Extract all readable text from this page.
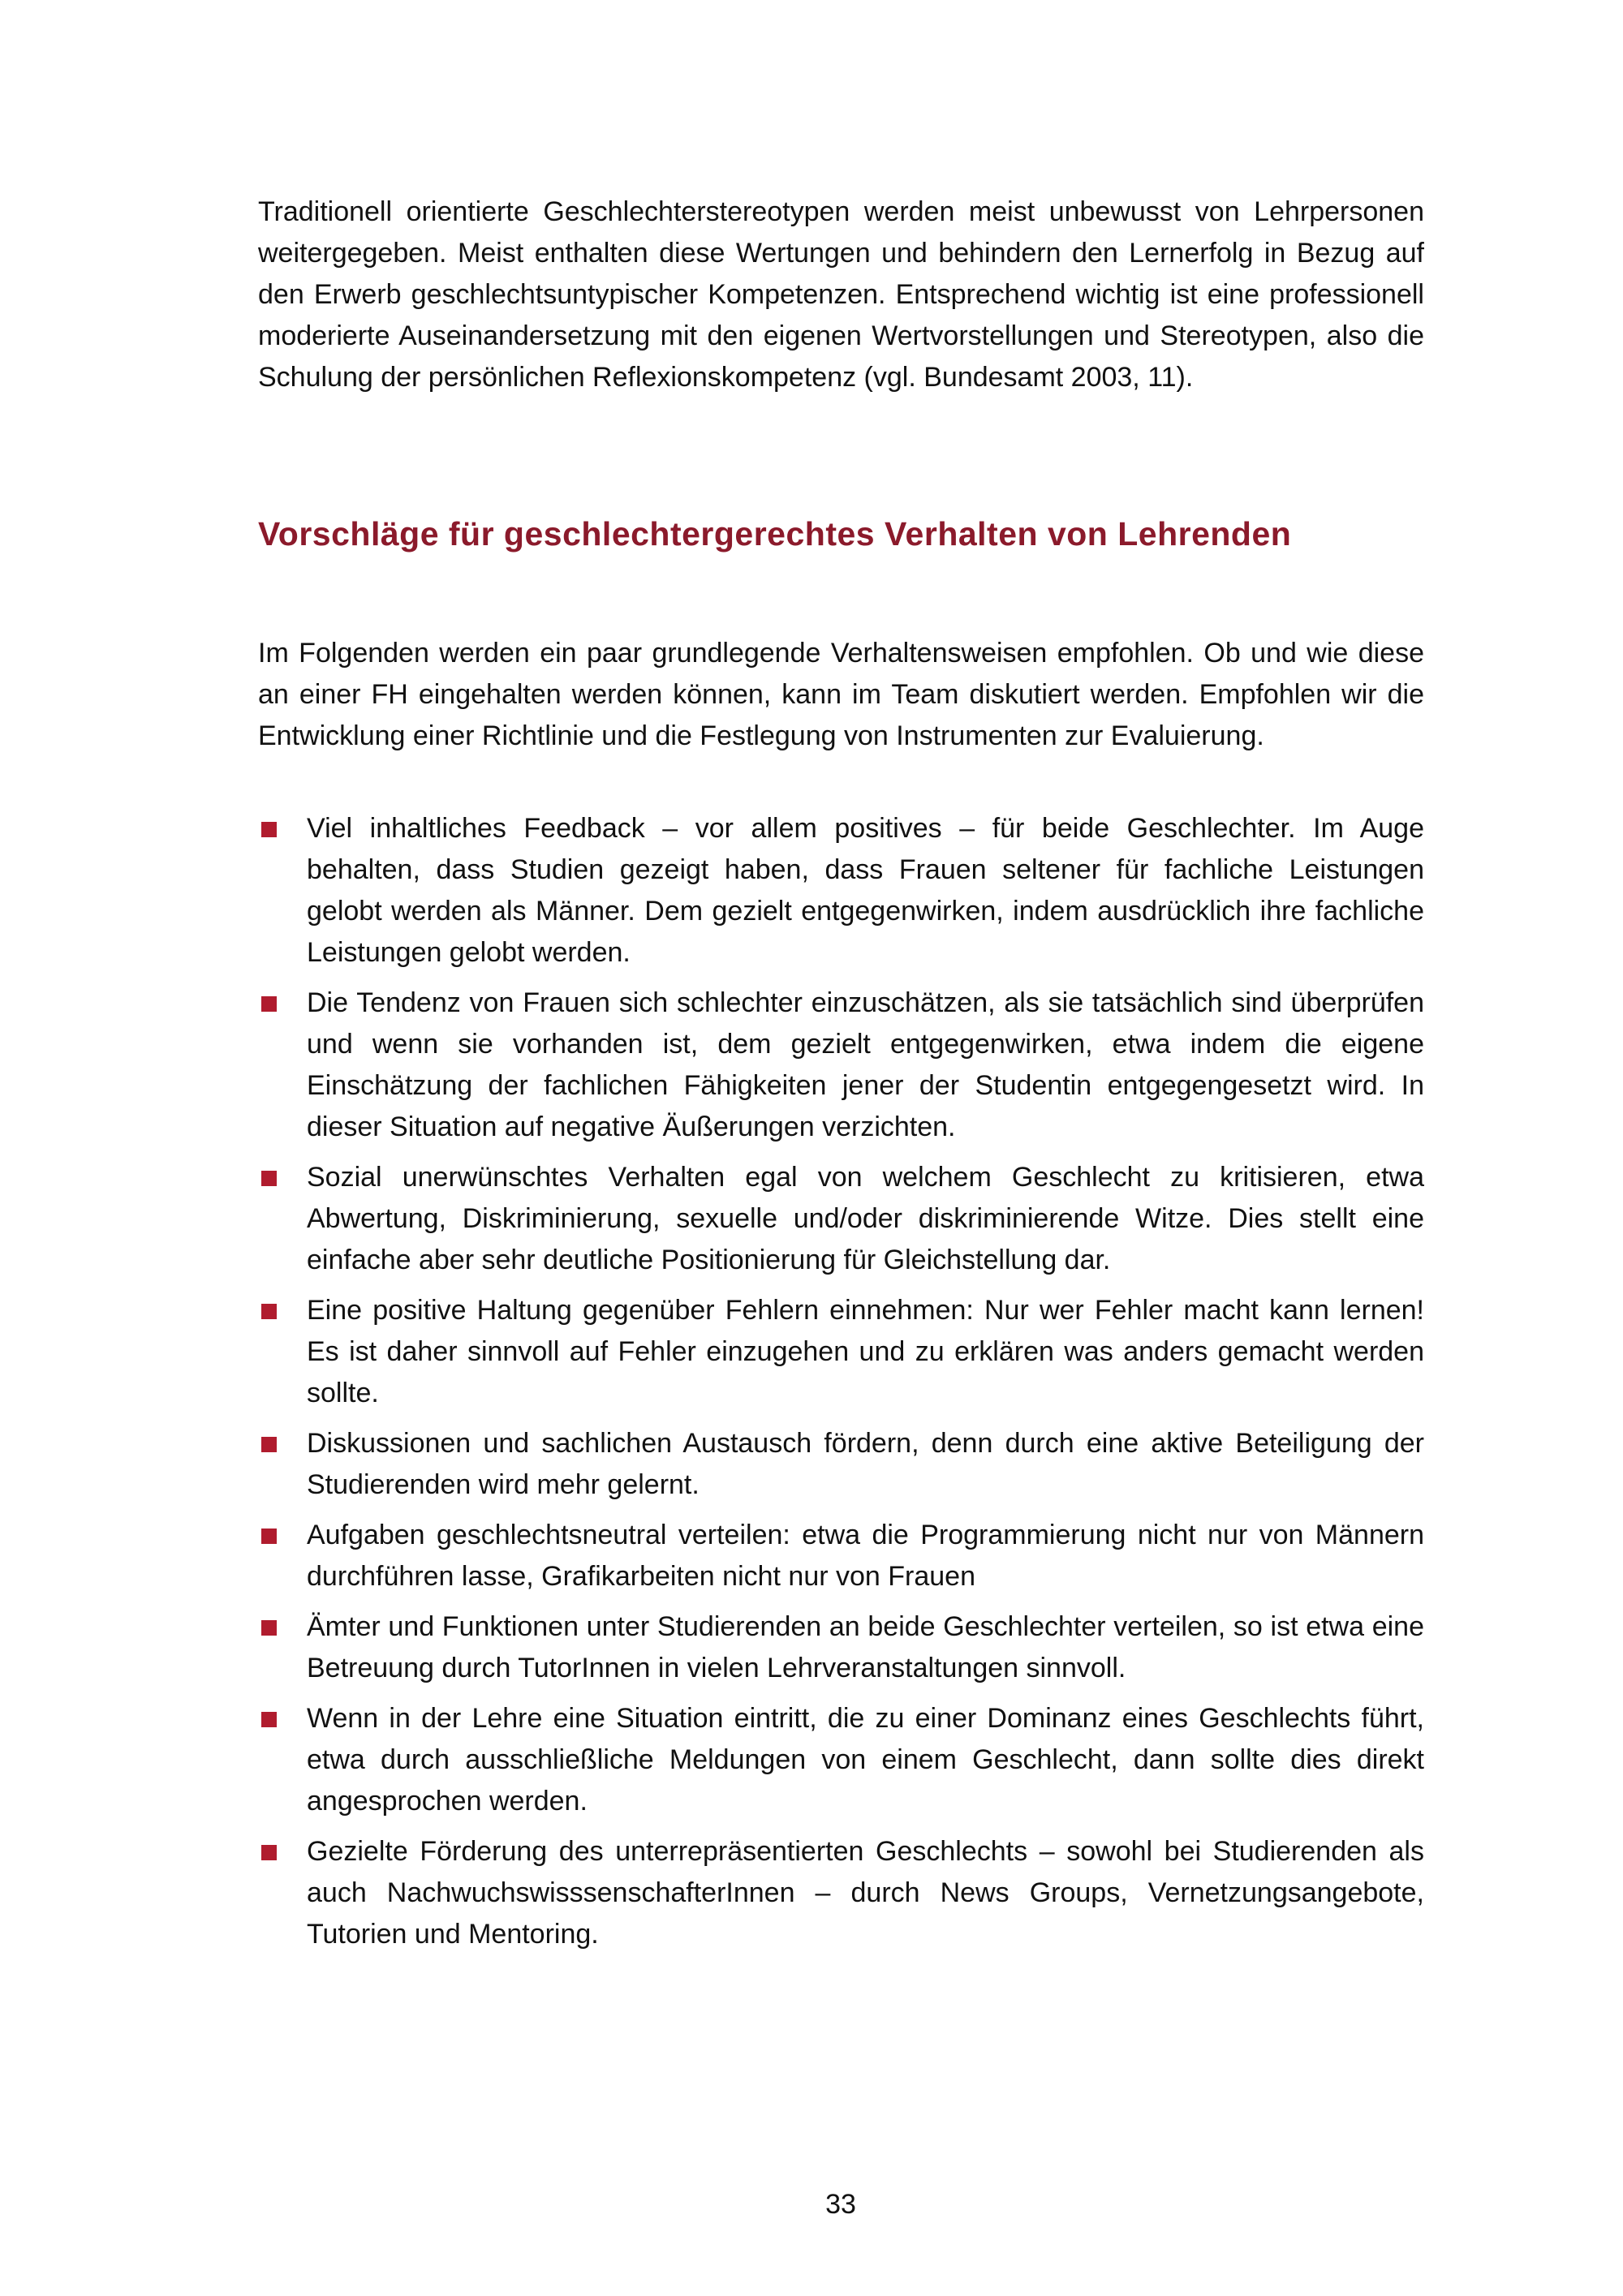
Traditionell orientierte Geschlechterstereotypen werden meist unbewusst von Lehrpersonen weitergegeben. Meist enthalten diese Wertungen und behindern den Lernerfolg in Bezug auf den Erwerb geschlechtsuntypischer Kompetenzen. Entsprechend wichtig ist eine professionell moderierte Auseinandersetzung mit den eigenen Wertvorstellungen und Stereotypen, also die Schulung der persönlichen Reflexionskompetenz (vgl. Bundesamt 2003, 11).

Vorschläge für geschlechtergerechtes Verhalten von Lehrenden

Im Folgenden werden ein paar grundlegende Verhaltensweisen empfohlen. Ob und wie diese an einer FH eingehalten werden können, kann im Team diskutiert werden. Empfohlen wir die Entwicklung einer Richtlinie und die Festlegung von Instrumenten zur Evaluierung.

Viel inhaltliches Feedback – vor allem positives – für beide Geschlechter. Im Auge behalten, dass Studien gezeigt haben, dass Frauen seltener für fachliche Leistungen gelobt werden als Männer. Dem gezielt entgegenwirken, indem ausdrücklich ihre fachliche Leistungen gelobt werden.
Die Tendenz von Frauen sich schlechter einzuschätzen, als sie tatsächlich sind überprüfen und wenn sie vorhanden ist, dem gezielt entgegenwirken, etwa indem die eigene Einschätzung der fachlichen Fähigkeiten jener der Studentin entgegengesetzt wird. In dieser Situation auf negative Äußerungen verzichten.
Sozial unerwünschtes Verhalten egal von welchem Geschlecht zu kritisieren, etwa Abwertung, Diskriminierung, sexuelle und/oder diskriminierende Witze. Dies stellt eine einfache aber sehr deutliche Positionierung für Gleichstellung dar.
Eine positive Haltung gegenüber Fehlern einnehmen: Nur wer Fehler macht kann lernen! Es ist daher sinnvoll auf Fehler einzugehen und zu erklären was anders gemacht werden sollte.
Diskussionen und sachlichen Austausch fördern, denn durch eine aktive Beteiligung der Studierenden wird mehr gelernt.
Aufgaben geschlechtsneutral verteilen: etwa die Programmierung nicht nur von Männern durchführen lasse, Grafikarbeiten nicht nur von Frauen
Ämter und Funktionen unter Studierenden an beide Geschlechter verteilen, so ist etwa eine Betreuung durch TutorInnen in vielen Lehrveranstaltungen sinnvoll.
Wenn in der Lehre eine Situation eintritt, die zu einer Dominanz eines Geschlechts führt, etwa durch ausschließliche Meldungen von einem Geschlecht, dann sollte dies direkt angesprochen werden.
Gezielte Förderung des unterrepräsentierten Geschlechts – sowohl bei Studierenden als auch NachwuchswisssenschafterInnen – durch News Groups, Vernetzungsangebote, Tutorien und Mentoring.
33
